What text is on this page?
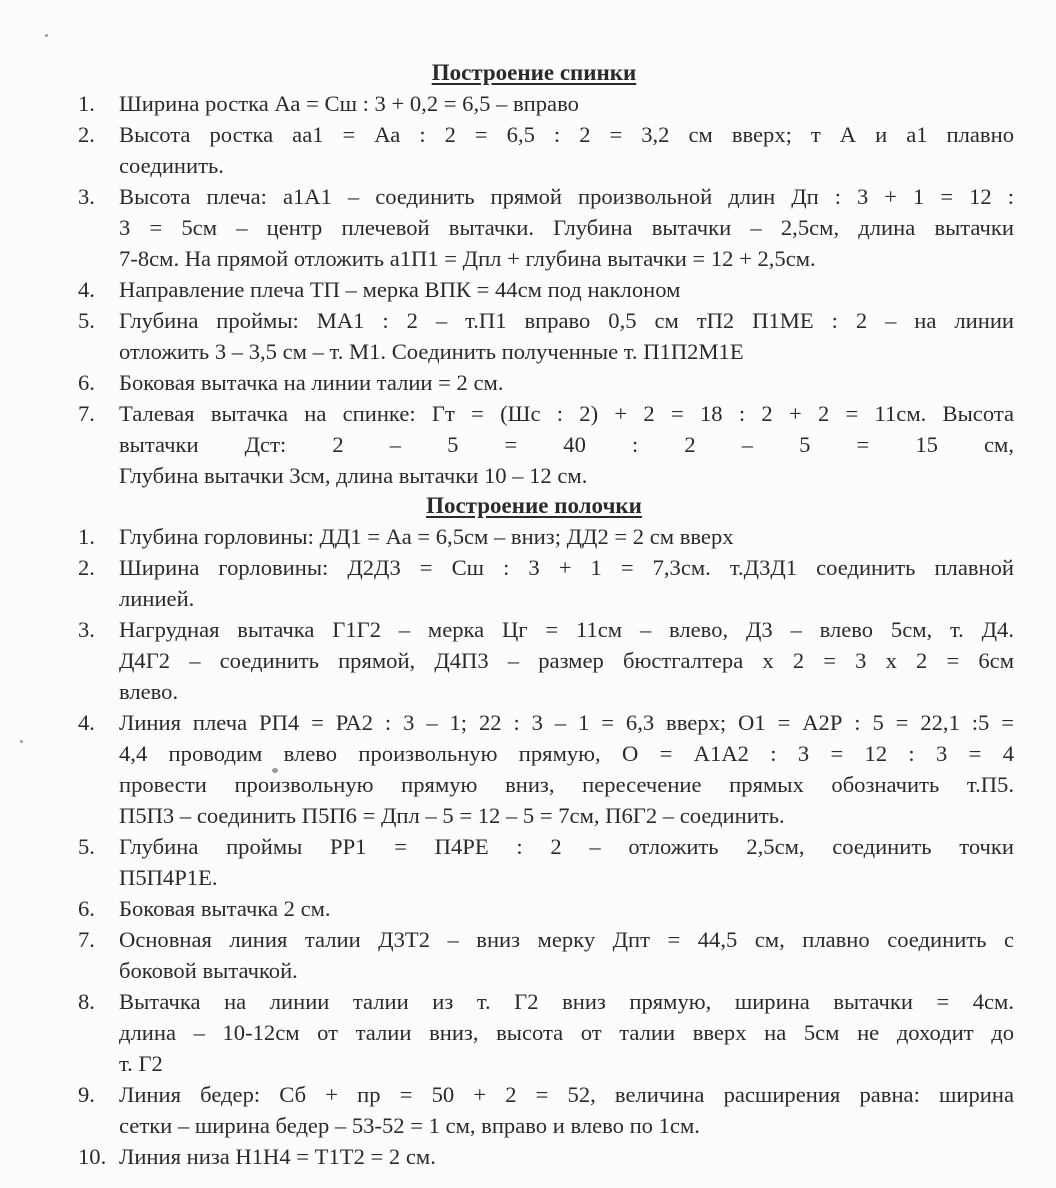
Построение спинки
1.	Ширина ростка Аа = Сш : 3 + 0,2 = 6,5 – вправо
2.	Высота ростка аа1 = Аа : 2 = 6,5 : 2 = 3,2 см вверх; т А и а1 плавно
соединить.
3.	Высота плеча: а1А1 – соединить прямой произвольной длин Дп : 3 + 1 = 12 :
3 = 5см – центр плечевой вытачки. Глубина вытачки – 2,5см, длина вытачки
7-8см. На прямой отложить а1П1 = Дпл + глубина вытачки = 12 + 2,5см.
4.	Направление плеча ТП – мерка ВПК = 44см под наклоном
5.	Глубина проймы: МА1 : 2 – т.П1 вправо 0,5 см тП2 П1МЕ : 2 – на линии
отложить 3 – 3,5 см – т. М1. Соединить полученные т. П1П2М1Е
6.	Боковая вытачка на линии талии = 2 см.
7.	Талевая вытачка на спинке: Гт = (Шс : 2) + 2 = 18 : 2 + 2 = 11см. Высота
вытачки Дст: 2 – 5 = 40 : 2 – 5 = 15 см,
Глубина вытачки 3см, длина вытачки 10 – 12 см.
Построение полочки
1.	Глубина горловины: ДД1 = Аа = 6,5см – вниз; ДД2 = 2 см вверх
2.	Ширина горловины: Д2Д3 = Сш : 3 + 1 = 7,3см. т.Д3Д1 соединить плавной
линией.
3.	Нагрудная вытачка Г1Г2 – мерка Цг = 11см – влево, Д3 – влево 5см, т. Д4.
Д4Г2 – соединить прямой, Д4П3 – размер бюстгалтера х 2 = 3 х 2 = 6см
влево.
4.	Линия плеча РП4 = РА2 : 3 – 1; 22 : 3 – 1 = 6,3 вверх; О1 = А2Р : 5 = 22,1 :5 =
4,4 проводим влево произвольную прямую, О = А1А2 : 3 = 12 : 3 = 4
провести произвольную прямую вниз, пересечение прямых обозначить т.П5.
П5П3 – соединить П5П6 = Дпл – 5 = 12 – 5 = 7см, П6Г2 – соединить.
5.	Глубина проймы РР1 = П4РЕ : 2 – отложить 2,5см, соединить точки
П5П4Р1Е.
6.	Боковая вытачка 2 см.
7.	Основная линия талии Д3Т2 – вниз мерку Дпт = 44,5 см, плавно соединить с
боковой вытачкой.
8.	Вытачка на линии талии из т. Г2 вниз прямую, ширина вытачки = 4см.
длина – 10-12см от талии вниз, высота от талии вверх на 5см не доходит до
т. Г2
9.	Линия бедер: Сб + пр = 50 + 2 = 52, величина расширения равна: ширина
сетки – ширина бедер – 53-52 = 1 см, вправо и влево по 1см.
10. Линия низа Н1Н4 = Т1Т2 = 2 см.
